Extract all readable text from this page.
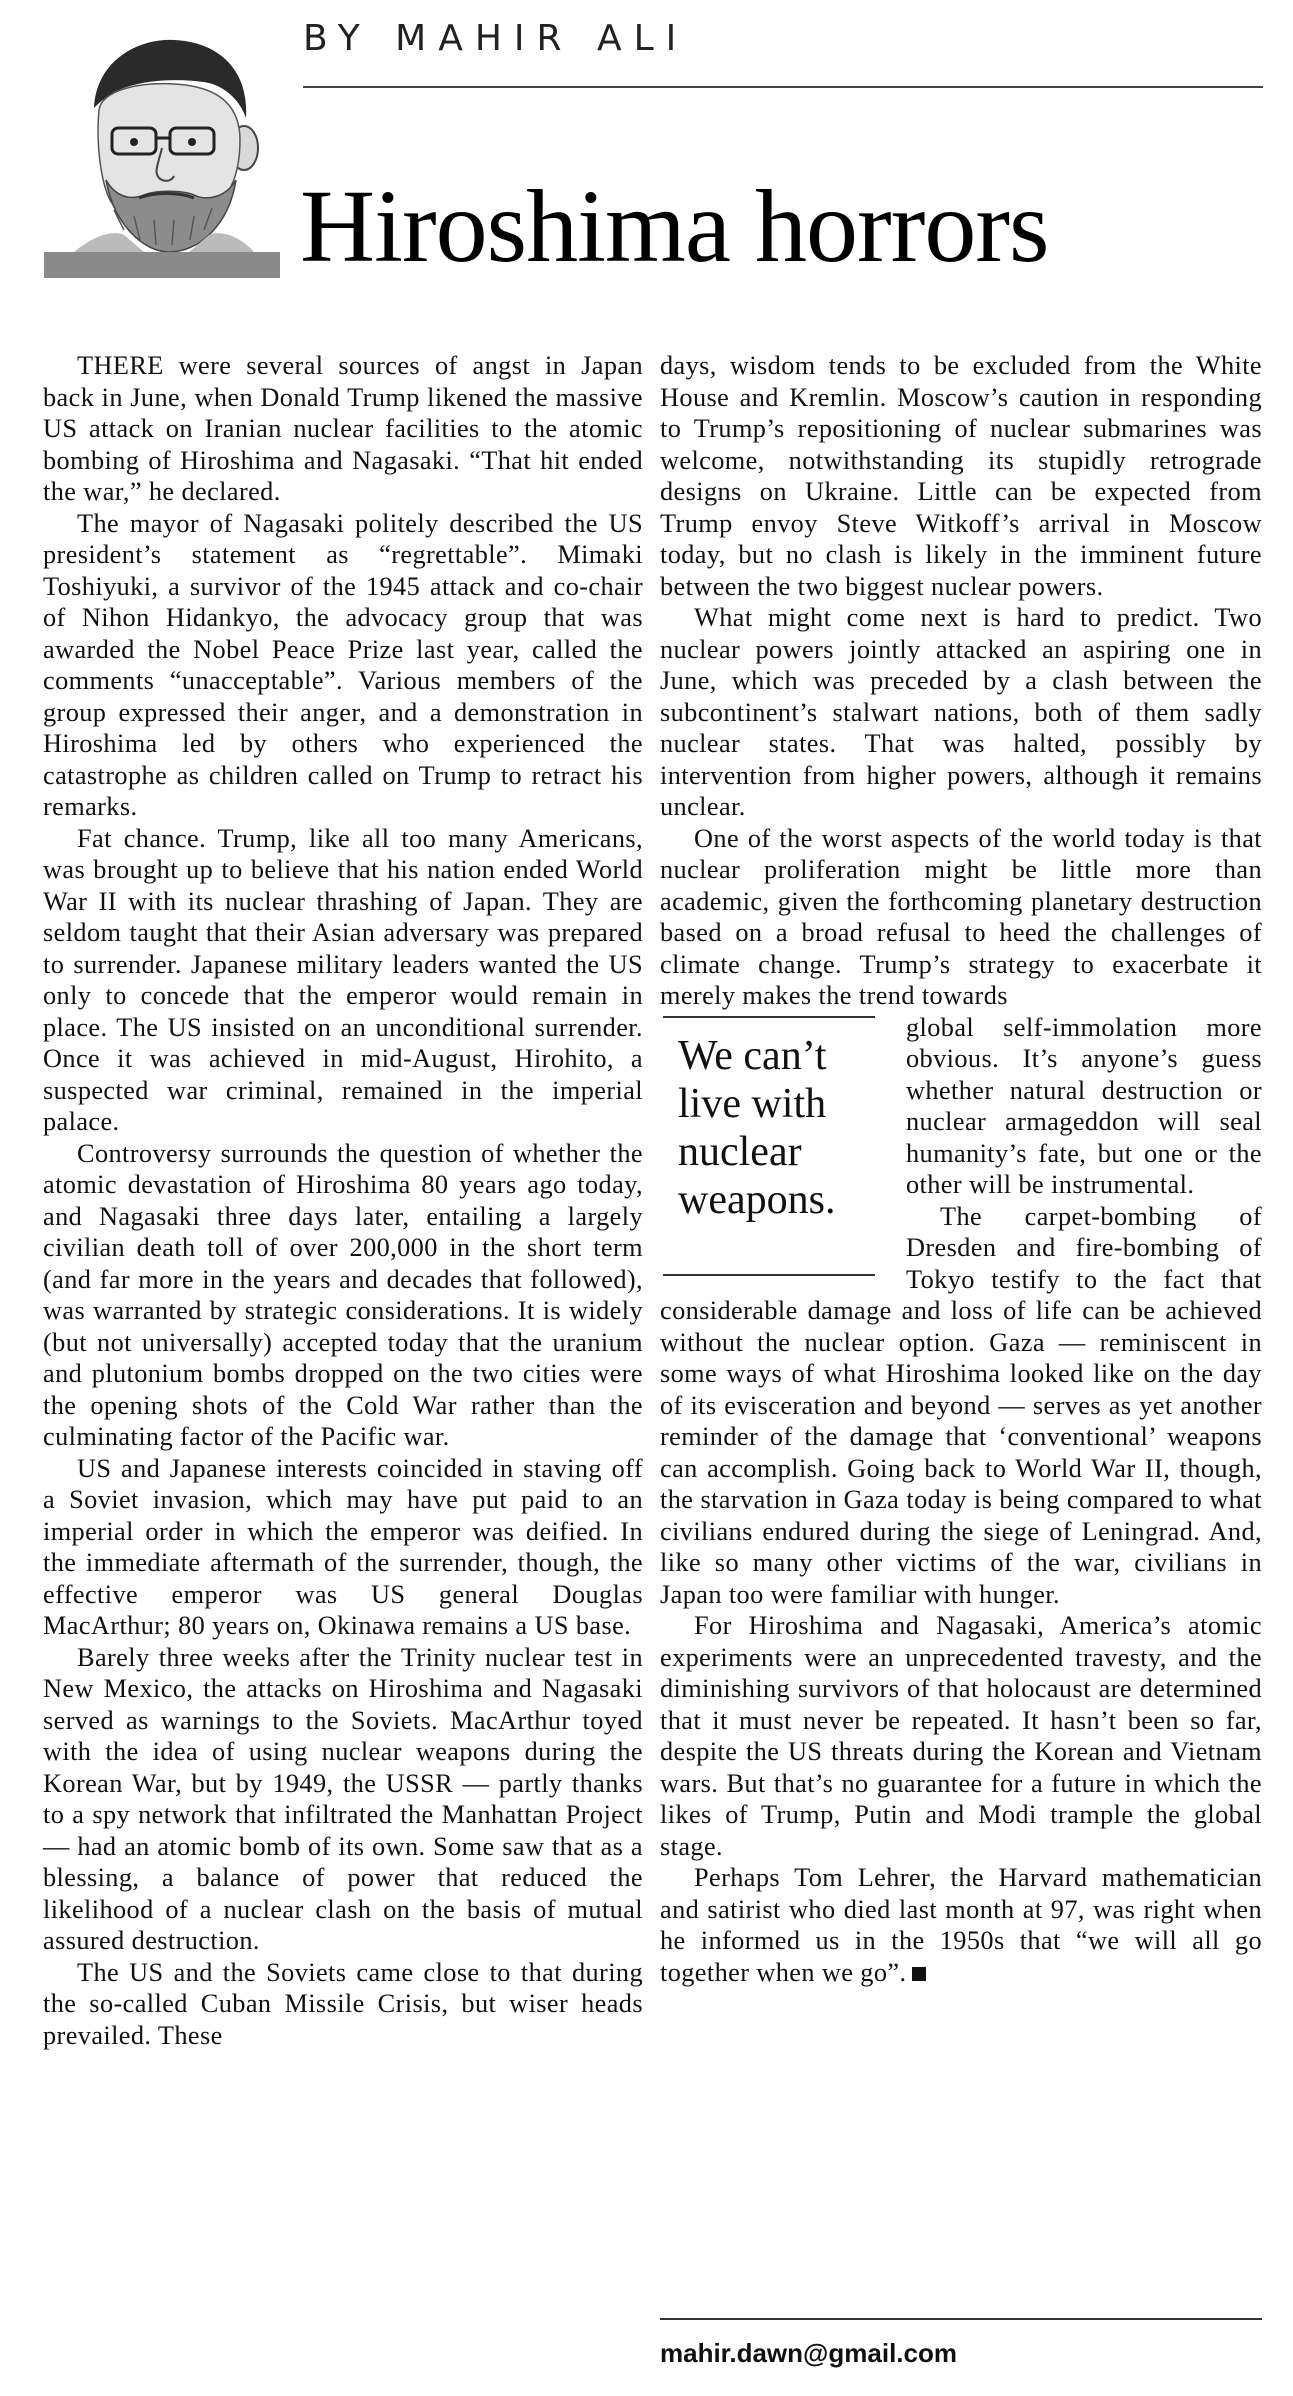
BY MAHIR ALI
Hiroshima horrors

THERE were several sources of angst in Japan back in June, when Donald Trump likened the massive US attack on Iranian nuclear facilities to the atomic bombing of Hiroshima and Nagasaki. “That hit ended the war,” he declared.

The mayor of Nagasaki politely described the US president’s statement as “regrettable”. Mimaki Toshiyuki, a survivor of the 1945 attack and co-chair of Nihon Hidankyo, the advocacy group that was awarded the Nobel Peace Prize last year, called the comments “unacceptable”. Various members of the group expressed their anger, and a demonstration in Hiroshima led by others who experienced the catastrophe as children called on Trump to retract his remarks.

Fat chance. Trump, like all too many Americans, was brought up to believe that his nation ended World War II with its nuclear thrashing of Japan. They are seldom taught that their Asian adversary was prepared to surrender. Japanese military leaders wanted the US only to concede that the emperor would remain in place. The US insisted on an unconditional surrender. Once it was achieved in mid-August, Hirohito, a suspected war criminal, remained in the imperial palace.

Controversy surrounds the question of whether the atomic devastation of Hiroshima 80 years ago today, and Nagasaki three days later, entailing a largely civilian death toll of over 200,000 in the short term (and far more in the years and decades that followed), was warranted by strategic considerations. It is widely (but not universally) accepted today that the uranium and plutonium bombs dropped on the two cities were the opening shots of the Cold War rather than the culminating factor of the Pacific war.

US and Japanese interests coincided in staving off a Soviet invasion, which may have put paid to an imperial order in which the emperor was deified. In the immediate aftermath of the surrender, though, the effective emperor was US general Douglas MacArthur; 80 years on, Okinawa remains a US base.

Barely three weeks after the Trinity nuclear test in New Mexico, the attacks on Hiroshima and Nagasaki served as warnings to the Soviets. MacArthur toyed with the idea of using nuclear weapons during the Korean War, but by 1949, the USSR — partly thanks to a spy network that infiltrated the Manhattan Project — had an atomic bomb of its own. Some saw that as a blessing, a balance of power that reduced the likelihood of a nuclear clash on the basis of mutual assured destruction.

The US and the Soviets came close to that during the so-called Cuban Missile Crisis, but wiser heads prevailed. These

days, wisdom tends to be excluded from the White House and Kremlin. Moscow’s caution in responding to Trump’s repositioning of nuclear submarines was welcome, notwithstanding its stupidly retrograde designs on Ukraine. Little can be expected from Trump envoy Steve Witkoff’s arrival in Moscow today, but no clash is likely in the imminent future between the two biggest nuclear powers.

What might come next is hard to predict. Two nuclear powers jointly attacked an aspiring one in June, which was preceded by a clash between the subcontinent’s stalwart nations, both of them sadly nuclear states. That was halted, possibly by intervention from higher powers, although it remains unclear.

One of the worst aspects of the world today is that nuclear proliferation might be little more than academic, given the forthcoming planetary destruction based on a broad refusal to heed the challenges of climate change. Trump’s strategy to exacerbate it merely makes the trend towards

We can’t live with nuclear weapons.

global self-immolation more obvious. It’s anyone’s guess whether natural destruction or nuclear armageddon will seal humanity’s fate, but one or the other will be instrumental.

The carpet-bombing of Dresden and fire-bombing of Tokyo testify to the fact that considerable damage and loss of life can be achieved without the nuclear option. Gaza — reminiscent in some ways of what Hiroshima looked like on the day of its evisceration and beyond — serves as yet another reminder of the damage that ‘conventional’ weapons can accomplish. Going back to World War II, though, the starvation in Gaza today is being compared to what civilians endured during the siege of Leningrad. And, like so many other victims of the war, civilians in Japan too were familiar with hunger.

For Hiroshima and Nagasaki, America’s atomic experiments were an unprecedented travesty, and the diminishing survivors of that holocaust are determined that it must never be repeated. It hasn’t been so far, despite the US threats during the Korean and Vietnam wars. But that’s no guarantee for a future in which the likes of Trump, Putin and Modi trample the global stage.

Perhaps Tom Lehrer, the Harvard mathematician and satirist who died last month at 97, was right when he informed us in the 1950s that “we will all go together when we go”.

mahir.dawn@gmail.com
